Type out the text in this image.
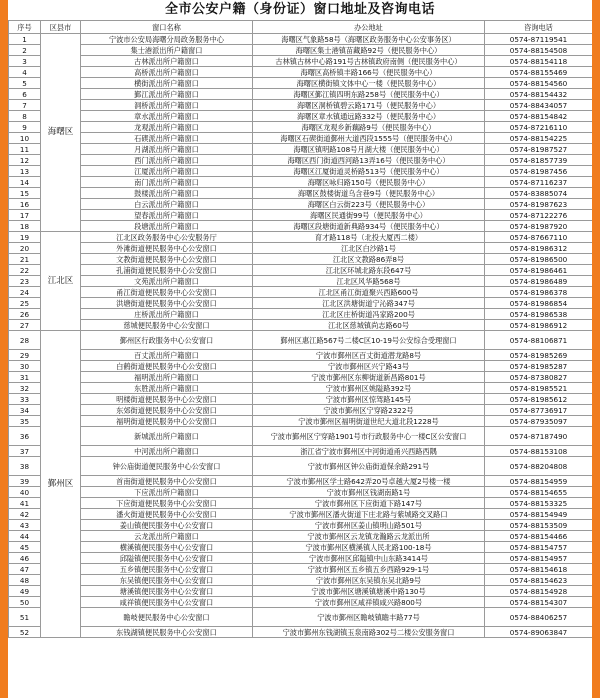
全市公安户籍（身份证）窗口地址及咨询电话
序号	区县市	窗口名称	办公地址	咨询电话
1	海曙区	宁波市公安局海曙分局政务服务中心	海曙区气象路58号（海曙区政务服务中心公安事务区）	0574-87119541
2		集士港派出所户籍窗口	海曙区集士港镇苗藏路92号（便民服务中心）	0574-88154508
3		古林派出所户籍窗口	古林镇古林中心路191号古林镇政府南侧（便民服务中心）	0574-88154118
4		高桥派出所户籍窗口	海曙区高桥镇丰路166号（便民服务中心）	0574-88155469
5		横街派出所户籍窗口	海曙区横街镇文体中心一楼（便民服务中心）	0574-88154560
6		鄞江派出所户籍窗口	海曙区鄞江镇四明东路258号（便民服务中心）	0574-88154432
7		洞桥派出所户籍窗口	海曙区洞桥镇碧云路171号（便民服务中心）	0574-88434057
8		章水派出所户籍窗口	海曙区章水镇通远路332号（便民服务中心）	0574-88154842
9		龙观派出所户籍窗口	海曙区龙观乡新藕路9号（便民服务中心）	0574-87216110
10		石碶派出所户籍窗口	海曙区石碶街道鄞州大道西段1555号（便民服务中心）	0574-88154225
11		月湖派出所户籍窗口	海曙区镇明路108号月湖大楼（便民服务中心）	0574-81987527
12		西门派出所户籍窗口	海曙区西门街道西河路13弄16号（便民服务中心）	0574-81857739
13		江厦派出所户籍窗口	海曙区江厦街道灵桥路513号（便民服务中心）	0574-81987456
14		南门派出所户籍窗口	海曙区咏归路150号（便民服务中心）	0574-87116237
15		鼓楼派出所户籍窗口	海曙区鼓楼街道乌含巷9号（便民服务中心）	0574-83885074
16		白云派出所户籍窗口	海曙区白云街223号（便民服务中心）	0574-81987623
17		望春派出所户籍窗口	海曙区民通街99号（便民服务中心）	0574-87122276
18		段塘派出所户籍窗口	海曙区段塘街道新典路934号（便民服务中心）	0574-81987920
19	江北区	江北区政务服务中心公安服务厅	育才路118号（北投大厦西二楼）	0574-87667110
20		外滩街道便民服务中心公安窗口	江北区白沙路1号	0574-81986312
21		文教街道便民服务中心公安窗口	江北区文教路86弄8号	0574-81986500
22		孔浦街道便民服务中心公安窗口	江北区环城北路东段647号	0574-81986461
23		文苑派出所户籍窗口	江北区风华路568号	0574-81986489
24		甬江街道便民服务中心公安窗口	江北区甬江街道聚兴西路600号	0574-81986378
25		洪塘街道便民服务中心公安窗口	江北区洪塘街道宁沁路347号	0574-81986854
26		庄桥派出所户籍窗口	江北区庄桥街道冯家路200号	0574-81986538
27		慈城便民服务中心公安窗口	江北区慈城镇尚志路60号	0574-81986912
28	鄞州区	鄞州区行政服务中心公安窗口	鄞州区惠江路567号二楼C区10-19号公安综合受理窗口	0574-88106871
29		百丈派出所户籍窗口	宁波市鄞州区百丈街道潜龙路8号	0574-81985269
30		白鹤街道便民服务中心公安窗口	宁波市鄞州区兴宁路43号	0574-81985287
31		福明派出所户籍窗口	宁波市鄞州区东柳街道新昌路801号	0574-87380827
32		东胜派出所户籍窗口	宁波市鄞州区姚隘路392号	0574-81985521
33		明楼街道便民服务中心公安窗口	宁波市鄞州区惊驾路145号	0574-81985612
34		东郊街道便民服务中心公安窗口	宁波市鄞州区宁穿路2322号	0574-87736917
35		福明街道便民服务中心公安窗口	宁波市鄞州区福明街道世纪大道北段1228号	0574-87935097
36		新城派出所户籍窗口	宁波市鄞州区宁穿路1901号市行政服务中心一楼C区公安窗口	0574-87187490
37		中河派出所户籍窗口	浙江省宁波市鄞州区中河街道甬兴西路西隅	0574-88153108
38		钟公庙街道便民服务中心公安窗口	宁波市鄞州区钟公庙街道保余路291号	0574-88204808
39		首南街道便民服务中心公安窗口	宁波市鄞州区学士路642弄20号卓越大厦2号楼一楼	0574-88154959
40		下应派出所户籍窗口	宁波市鄞州区钱湖南路1号	0574-88154655
41		下应街道便民服务中心公安窗口	宁波市鄞州区下应街道下路147号	0574-88153325
42		潘火街道便民服务中心公安窗口	宁波市鄞州区潘火街道下庄北路与紫城路交叉路口	0574-88154949
43		姜山镇便民服务中心公安窗口	宁波市鄞州区姜山镇明山路501号	0574-88153509
44		云龙派出所户籍窗口	宁波市鄞州区云龙镇龙瀚路云龙派出所	0574-88154466
45		横溪镇便民服务中心公安窗口	宁波市鄞州区横溪镇人民北路100-18号	0574-88154757
46		邱隘镇便民服务中心公安窗口	宁波市鄞州区邱隘镇中山东路3414号	0574-88154957
47		五乡镇便民服务中心公安窗口	宁波市鄞州区五乡镇五乡西路929-1号	0574-88154618
48		东吴镇便民服务中心公安窗口	宁波市鄞州区东吴镇东吴北路9号	0574-88154623
49		塘溪镇便民服务中心公安窗口	宁波市鄞州区塘溪镇塘溪中路130号	0574-88154928
50		咸祥镇便民服务中心公安窗口	宁波市鄞州区咸祥镇咸兴路800号	0574-88154307
51		瞻岐便民服务中心公安窗口	宁波市鄞州区瞻岐镇瞻丰路77号	0574-88406257
52		东钱湖镇便民服务中心公安窗口	宁波市鄞州东钱湖镇玉泉南路302号二楼公安服务窗口	0574-89063847
